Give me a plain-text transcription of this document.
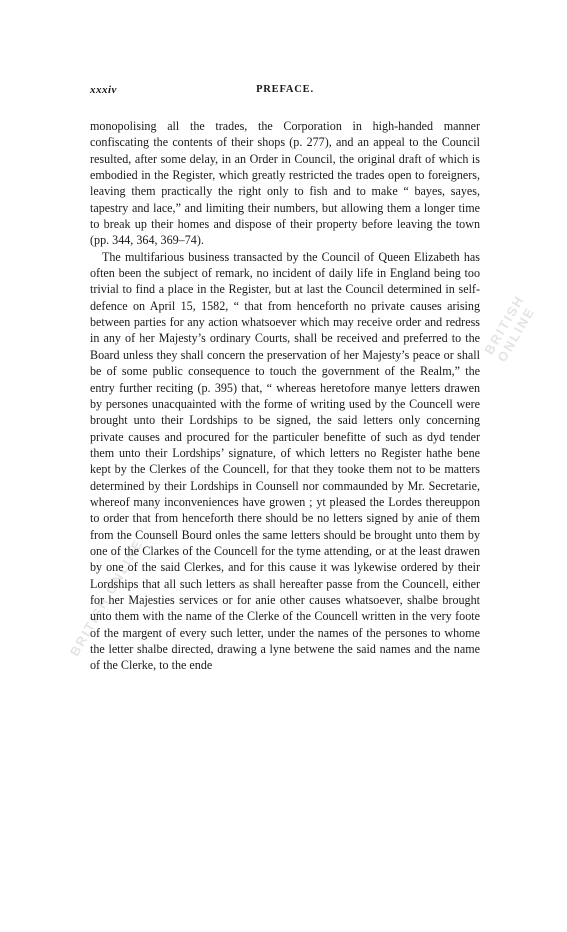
BRITISH ONLINE
BRITISH ONLINE
xxxiv	PREFACE.

monopolising all the trades, the Corporation in high-handed manner confiscating the contents of their shops (p. 277), and an appeal to the Council resulted, after some delay, in an Order in Council, the original draft of which is embodied in the Register, which greatly restricted the trades open to foreigners, leaving them practically the right only to fish and to make “ bayes, sayes, tapestry and lace,” and limiting their numbers, but allowing them a longer time to break up their homes and dispose of their property before leaving the town (pp. 344, 364, 369–74).

The multifarious business transacted by the Council of Queen Elizabeth has often been the subject of remark, no incident of daily life in England being too trivial to find a place in the Register, but at last the Council determined in self-defence on April 15, 1582, “ that from henceforth no private causes arising between parties for any action whatsoever which may receive order and redress in any of her Majesty’s ordinary Courts, shall be received and preferred to the Board unless they shall concern the preservation of her Majesty’s peace or shall be of some public consequence to touch the government of the Realm,” the entry further reciting (p. 395) that, “ whereas heretofore manye letters drawen by persones unacquainted with the forme of writing used by the Councell were brought unto their Lordships to be signed, the said letters only concerning private causes and procured for the particuler benefitte of such as dyd tender them unto their Lordships’ signature, of which letters no Register hathe bene kept by the Clerkes of the Councell, for that they tooke them not to be matters determined by their Lordships in Counsell nor commaunded by Mr. Secretarie, whereof many inconveniences have growen ; yt pleased the Lordes thereuppon to order that from henceforth there should be no letters signed by anie of them from the Counsell Bourd onles the same letters should be brought unto them by one of the Clarkes of the Councell for the tyme attending, or at the least drawen by one of the said Clerkes, and for this cause it was lykewise ordered by their Lordships that all such letters as shall hereafter passe from the Councell, either for her Majesties services or for anie other causes whatsoever, shalbe brought unto them with the name of the Clerke of the Councell written in the very foote of the margent of every such letter, under the names of the persones to whome the letter shalbe directed, drawing a lyne betwene the said names and the name of the Clerke, to the ende
